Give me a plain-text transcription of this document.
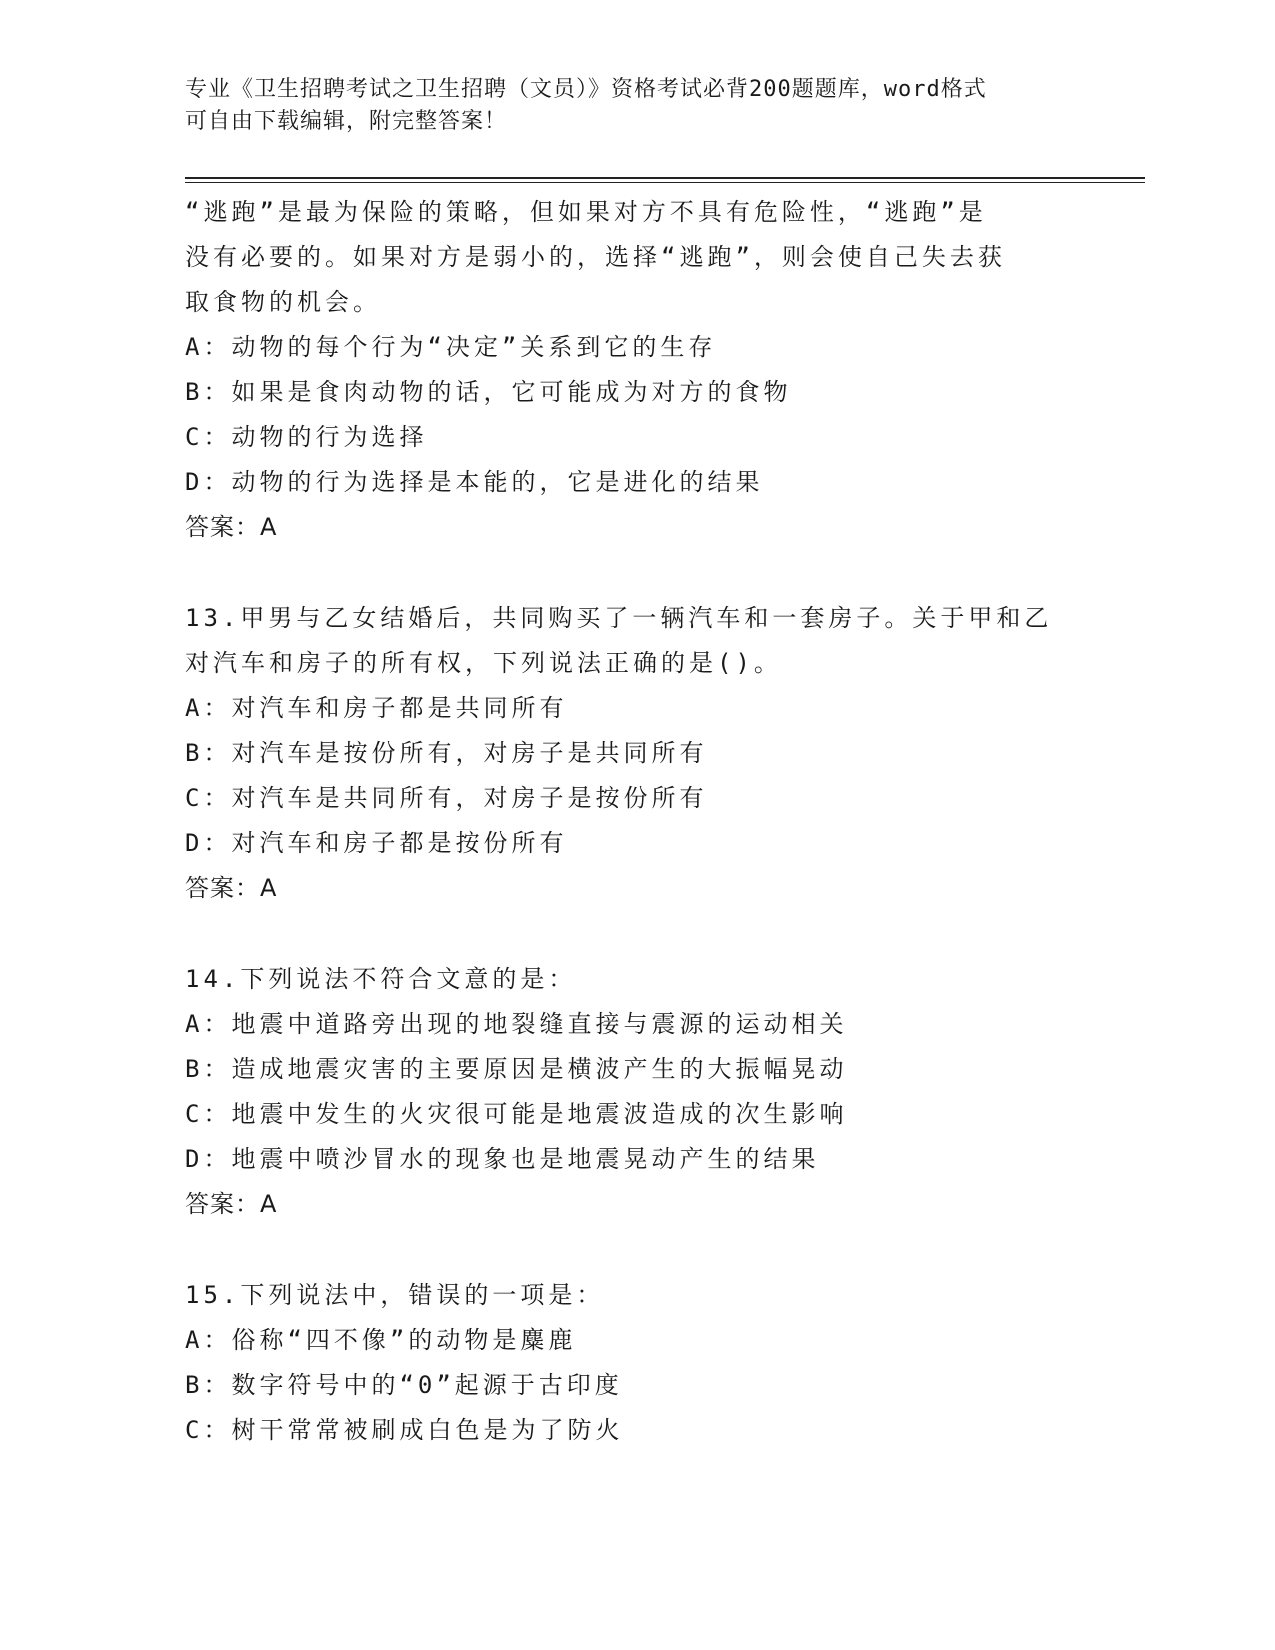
专业《卫生招聘考试之卫生招聘（文员）》资格考试必背200题题库，word格式
可自由下载编辑，附完整答案！
“逃跑”是最为保险的策略，但如果对方不具有危险性，“逃跑”是
没有必要的。如果对方是弱小的，选择“逃跑”，则会使自己失去获
取食物的机会。
A：动物的每个行为“决定”关系到它的生存
B：如果是食肉动物的话，它可能成为对方的食物
C：动物的行为选择
D：动物的行为选择是本能的，它是进化的结果
答案：A
13.甲男与乙女结婚后，共同购买了一辆汽车和一套房子。关于甲和乙
对汽车和房子的所有权，下列说法正确的是()。
A：对汽车和房子都是共同所有
B：对汽车是按份所有，对房子是共同所有
C：对汽车是共同所有，对房子是按份所有
D：对汽车和房子都是按份所有
答案：A
14.下列说法不符合文意的是：
A：地震中道路旁出现的地裂缝直接与震源的运动相关
B：造成地震灾害的主要原因是横波产生的大振幅晃动
C：地震中发生的火灾很可能是地震波造成的次生影响
D：地震中喷沙冒水的现象也是地震晃动产生的结果
答案：A
15.下列说法中，错误的一项是：
A：俗称“四不像”的动物是麋鹿
B：数字符号中的“0”起源于古印度
C：树干常常被刷成白色是为了防火
